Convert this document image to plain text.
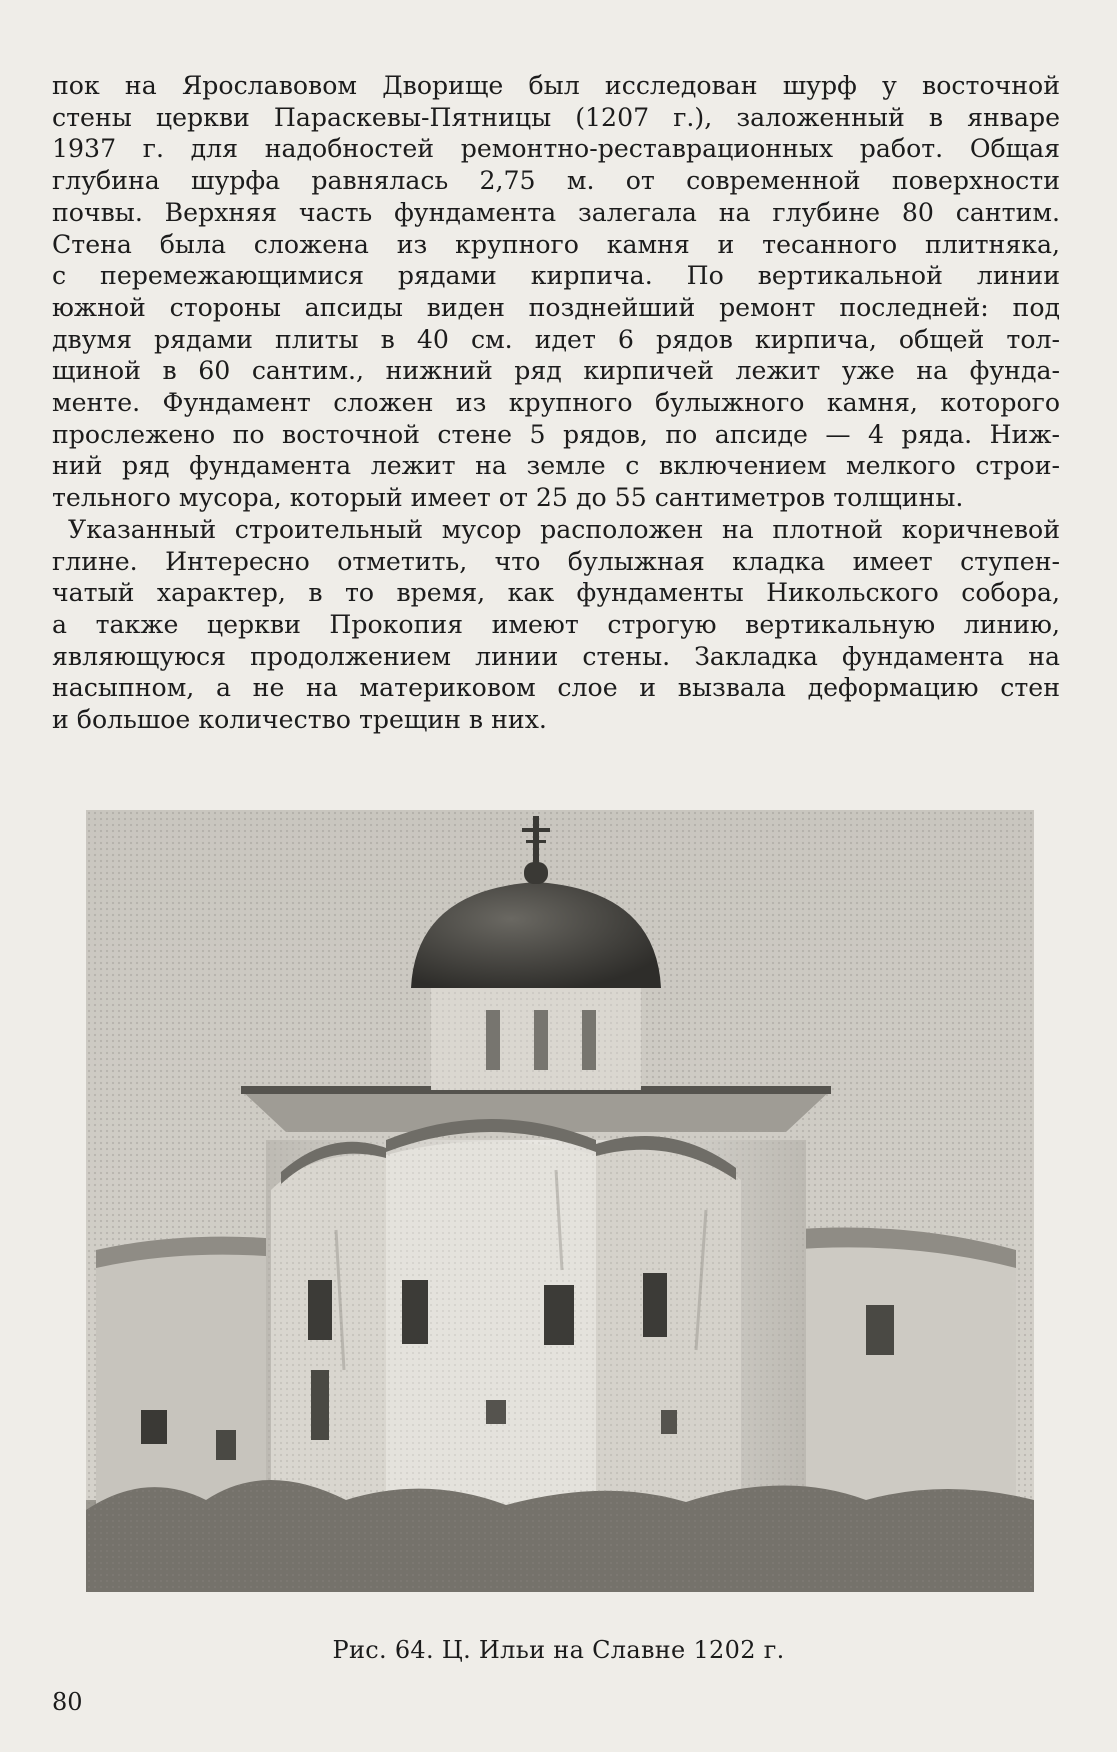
пок на Ярославовом Дворище был исследован шурф у восточной
стены церкви Параскевы-Пятницы (1207 г.), заложенный в январе
1937 г. для надобностей ремонтно-реставрационных работ. Общая
глубина шурфа равнялась 2,75 м. от современной поверхности
почвы. Верхняя часть фундамента залегала на глубине 80 сантим.
Стена была сложена из крупного камня и тесанного плитняка,
с перемежающимися рядами кирпича. По вертикальной линии
южной стороны апсиды виден позднейший ремонт последней: под
двумя рядами плиты в 40 см. идет 6 рядов кирпича, общей тол-
щиной в 60 сантим., нижний ряд кирпичей лежит уже на фунда-
менте. Фундамент сложен из крупного булыжного камня, которого
прослежено по восточной стене 5 рядов, по апсиде — 4 ряда. Ниж-
ний ряд фундамента лежит на земле с включением мелкого строи-
тельного мусора, который имеет от 25 до 55 сантиметров толщины.
Указанный строительный мусор расположен на плотной коричневой
глине. Интересно отметить, что булыжная кладка имеет ступен-
чатый характер, в то время, как фундаменты Никольского собора,
а также церкви Прокопия имеют строгую вертикальную линию,
являющуюся продолжением линии стены. Закладка фундамента на
насыпном, а не на материковом слое и вызвала деформацию стен
и большое количество трещин в них.
Рис. 64. Ц. Ильи на Славне 1202 г.
80
